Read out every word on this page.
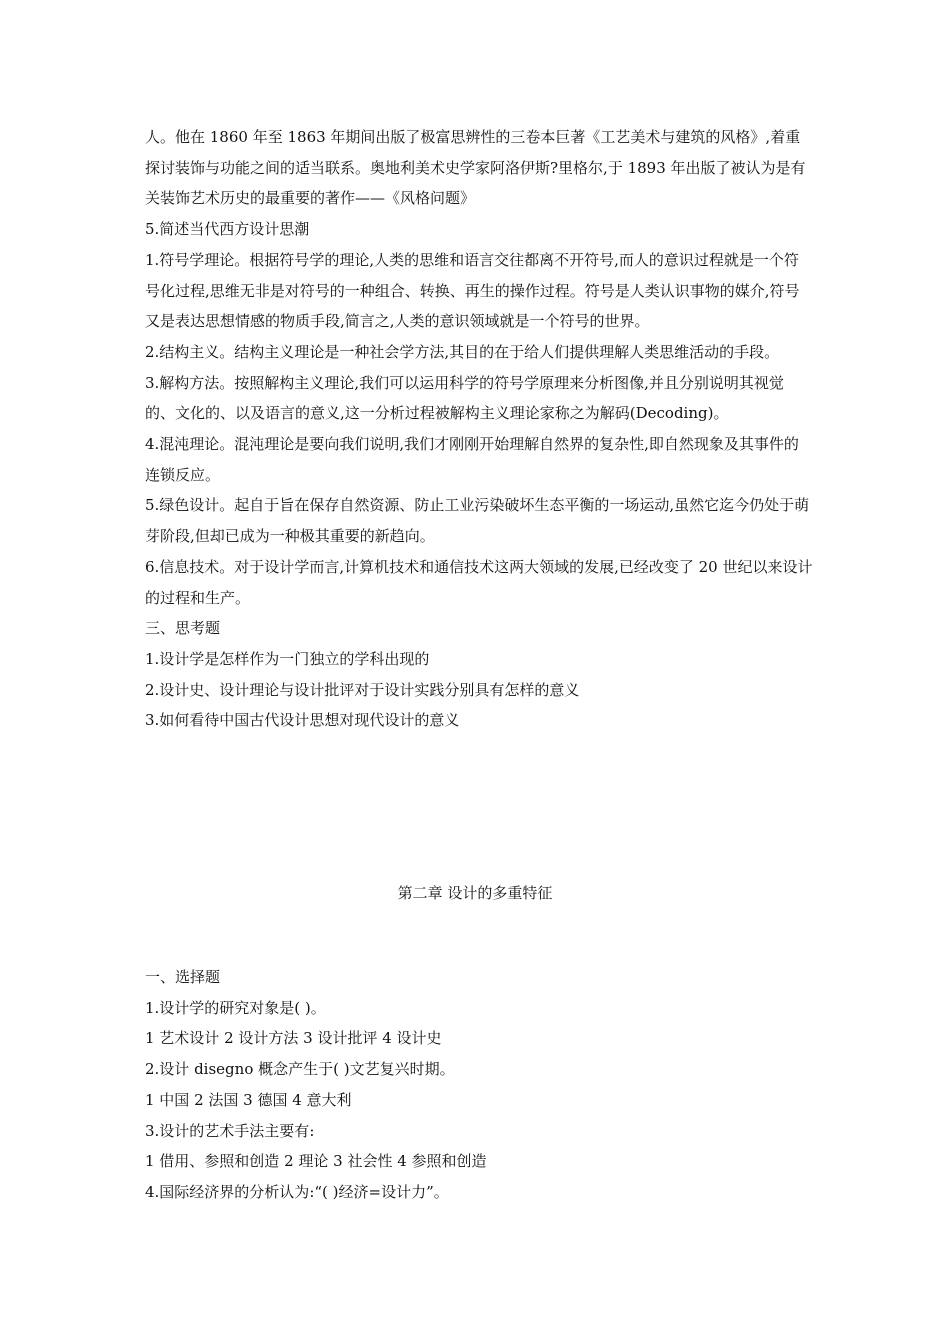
人。他在 1860 年至 1863 年期间出版了极富思辨性的三卷本巨著《工艺美术与建筑的风格》,着重探讨装饰与功能之间的适当联系。奥地利美术史学家阿洛伊斯?里格尔,于 1893 年出版了被认为是有关装饰艺术历史的最重要的著作——《风格问题》

5.简述当代西方设计思潮

1.符号学理论。根据符号学的理论,人类的思维和语言交往都离不开符号,而人的意识过程就是一个符号化过程,思维无非是对符号的一种组合、转换、再生的操作过程。符号是人类认识事物的媒介,符号又是表达思想情感的物质手段,简言之,人类的意识领域就是一个符号的世界。

2.结构主义。结构主义理论是一种社会学方法,其目的在于给人们提供理解人类思维活动的手段。

3.解构方法。按照解构主义理论,我们可以运用科学的符号学原理来分析图像,并且分别说明其视觉的、文化的、以及语言的意义,这一分析过程被解构主义理论家称之为解码(Decoding)。

4.混沌理论。混沌理论是要向我们说明,我们才刚刚开始理解自然界的复杂性,即自然现象及其事件的连锁反应。

5.绿色设计。起自于旨在保存自然资源、防止工业污染破坏生态平衡的一场运动,虽然它迄今仍处于萌芽阶段,但却已成为一种极其重要的新趋向。

6.信息技术。对于设计学而言,计算机技术和通信技术这两大领域的发展,已经改变了 20 世纪以来设计的过程和生产。

三、思考题

1.设计学是怎样作为一门独立的学科出现的

2.设计史、设计理论与设计批评对于设计实践分别具有怎样的意义

3.如何看待中国古代设计思想对现代设计的意义

第二章 设计的多重特征

一、选择题

1.设计学的研究对象是( )。

1 艺术设计 2 设计方法 3 设计批评 4 设计史

2.设计 disegno 概念产生于( )文艺复兴时期。

1 中国 2 法国 3 德国 4 意大利

3.设计的艺术手法主要有:

1 借用、参照和创造 2 理论 3 社会性 4 参照和创造

4.国际经济界的分析认为:“( )经济=设计力”。
